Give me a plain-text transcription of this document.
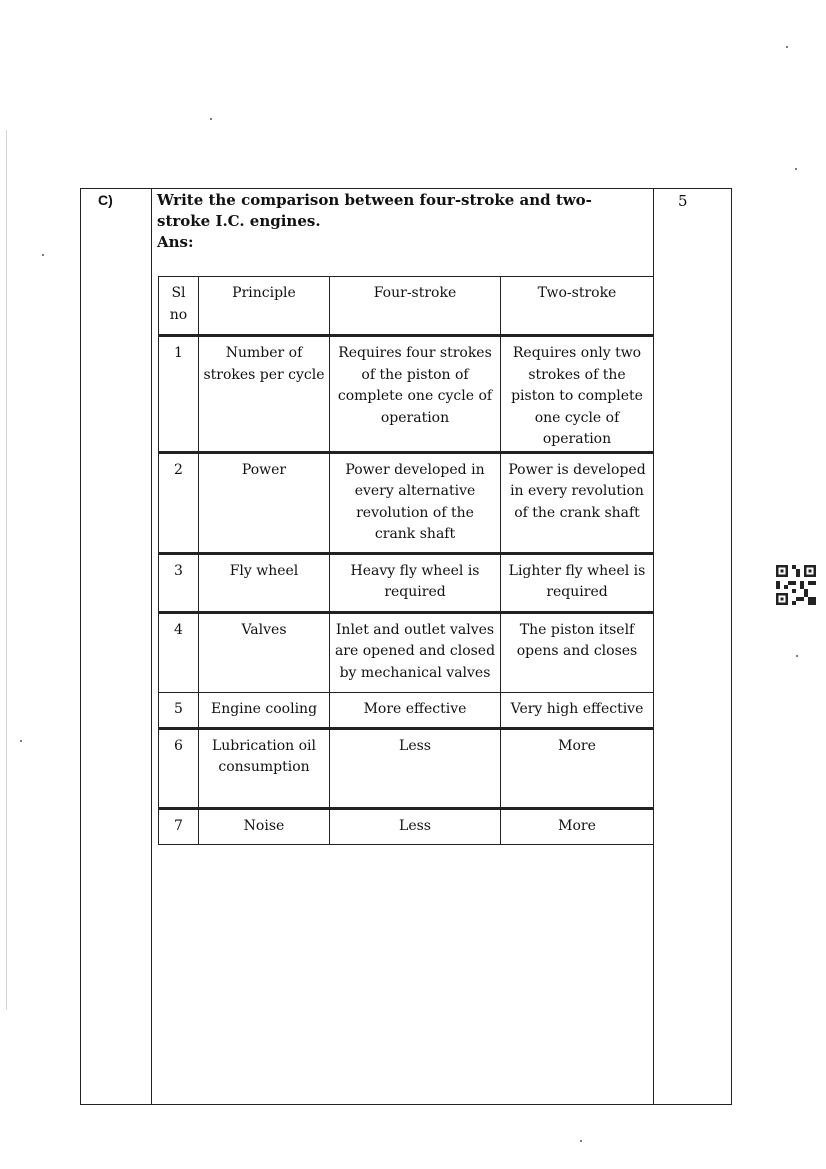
C)	Write the comparison between four-stroke and two-stroke I.C. engines.
Ans:
5
Sl no	Principle	Four-stroke	Two-stroke
1	Number of strokes per cycle	Requires four strokes of the piston of complete one cycle of operation	Requires only two strokes of the piston to complete one cycle of operation
2	Power	Power developed in every alternative revolution of the crank shaft	Power is developed in every revolution of the crank shaft
3	Fly wheel	Heavy fly wheel is required	Lighter fly wheel is required
4	Valves	Inlet and outlet valves are opened and closed by mechanical valves	The piston itself opens and closes
5	Engine cooling	More effective	Very high effective
6	Lubrication oil consumption	Less	More
7	Noise	Less	More
